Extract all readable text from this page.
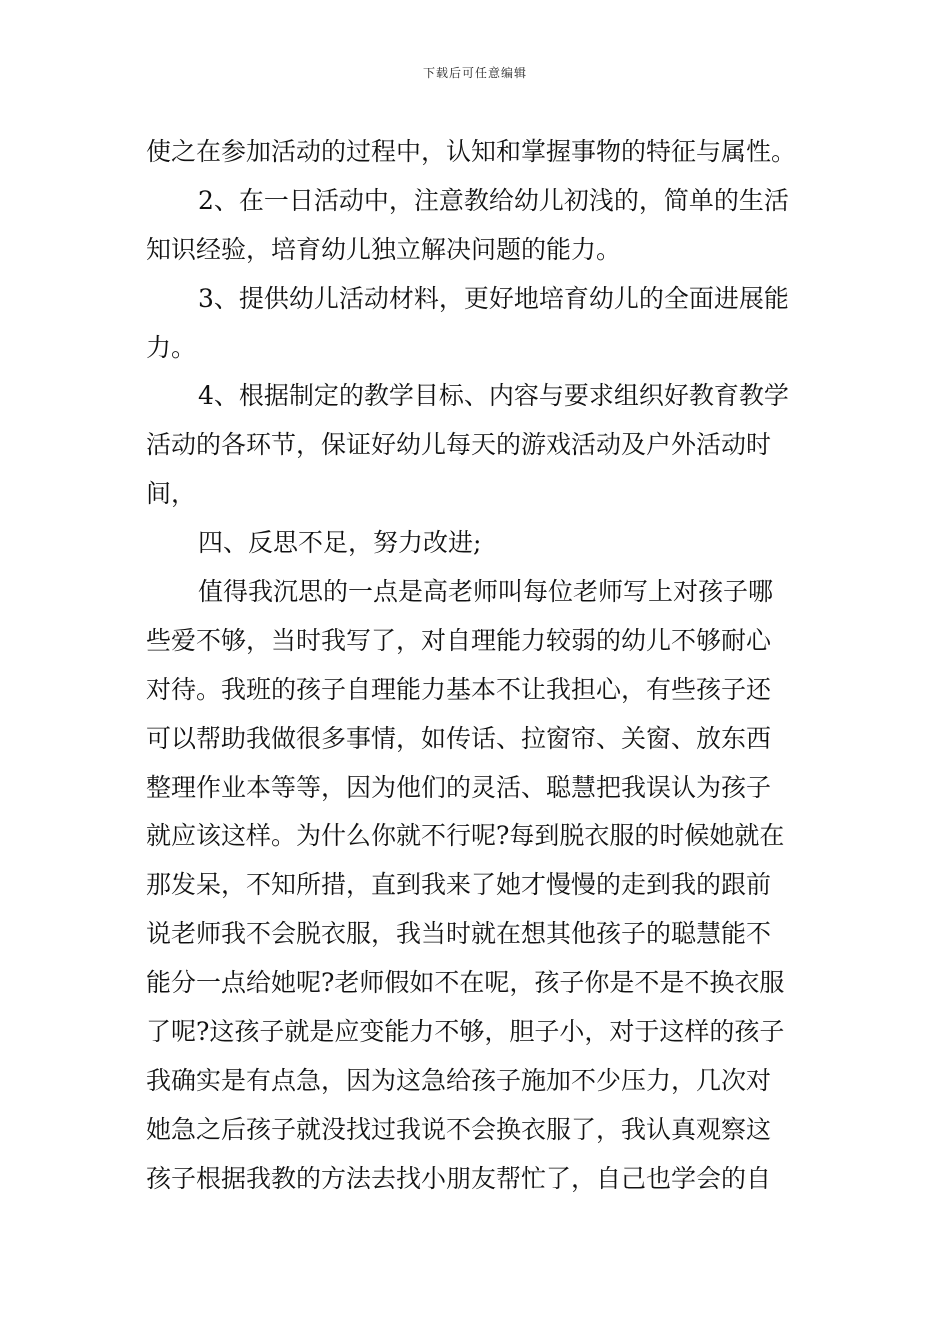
下载后可任意编辑
使之在参加活动的过程中，认知和掌握事物的特征与属性。
2、在一日活动中，注意教给幼儿初浅的，简单的生活
知识经验，培育幼儿独立解决问题的能力。
3、提供幼儿活动材料，更好地培育幼儿的全面进展能
力。
4、根据制定的教学目标、内容与要求组织好教育教学
活动的各环节，保证好幼儿每天的游戏活动及户外活动时
间，
四、反思不足，努力改进;
值得我沉思的一点是高老师叫每位老师写上对孩子哪
些爱不够，当时我写了，对自理能力较弱的幼儿不够耐心
对待。我班的孩子自理能力基本不让我担心，有些孩子还
可以帮助我做很多事情，如传话、拉窗帘、关窗、放东西
整理作业本等等，因为他们的灵活、聪慧把我误认为孩子
就应该这样。为什么你就不行呢?每到脱衣服的时候她就在
那发呆，不知所措，直到我来了她才慢慢的走到我的跟前
说老师我不会脱衣服，我当时就在想其他孩子的聪慧能不
能分一点给她呢?老师假如不在呢，孩子你是不是不换衣服
了呢?这孩子就是应变能力不够，胆子小，对于这样的孩子
我确实是有点急，因为这急给孩子施加不少压力，几次对
她急之后孩子就没找过我说不会换衣服了，我认真观察这
孩子根据我教的方法去找小朋友帮忙了，自己也学会的自
